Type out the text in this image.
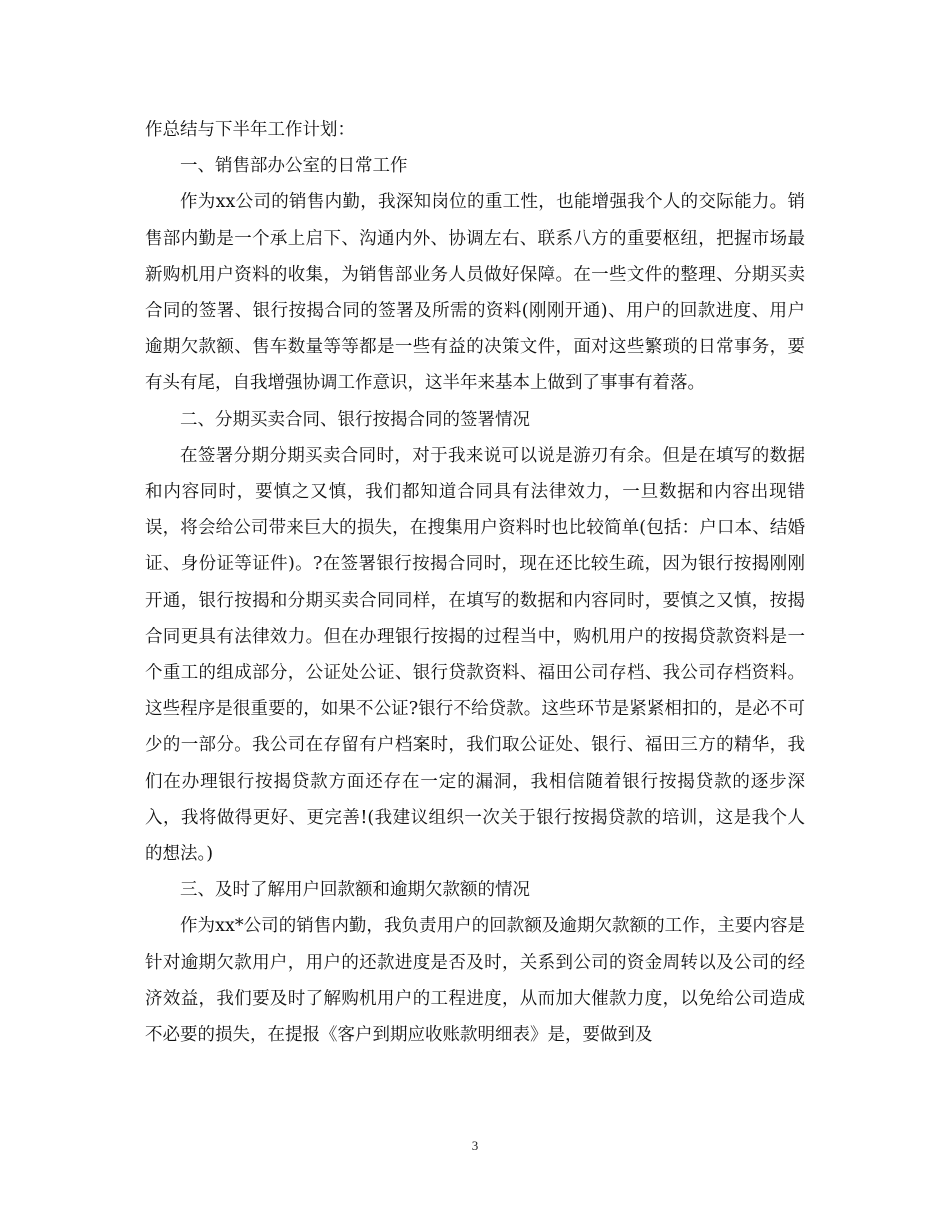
作总结与下半年工作计划：

一、销售部办公室的日常工作

作为xx公司的销售内勤，我深知岗位的重工性，也能增强我个人的交际能力。销售部内勤是一个承上启下、沟通内外、协调左右、联系八方的重要枢纽，把握市场最新购机用户资料的收集，为销售部业务人员做好保障。在一些文件的整理、分期买卖合同的签署、银行按揭合同的签署及所需的资料(刚刚开通)、用户的回款进度、用户逾期欠款额、售车数量等等都是一些有益的决策文件，面对这些繁琐的日常事务，要有头有尾，自我增强协调工作意识，这半年来基本上做到了事事有着落。

二、分期买卖合同、银行按揭合同的签署情况

在签署分期分期买卖合同时，对于我来说可以说是游刃有余。但是在填写的数据和内容同时，要慎之又慎，我们都知道合同具有法律效力，一旦数据和内容出现错误，将会给公司带来巨大的损失，在搜集用户资料时也比较简单(包括：户口本、结婚证、身份证等证件)。?在签署银行按揭合同时，现在还比较生疏，因为银行按揭刚刚开通，银行按揭和分期买卖合同同样，在填写的数据和内容同时，要慎之又慎，按揭合同更具有法律效力。但在办理银行按揭的过程当中，购机用户的按揭贷款资料是一个重工的组成部分，公证处公证、银行贷款资料、福田公司存档、我公司存档资料。这些程序是很重要的，如果不公证?银行不给贷款。这些环节是紧紧相扣的，是必不可少的一部分。我公司在存留有户档案时，我们取公证处、银行、福田三方的精华，我们在办理银行按揭贷款方面还存在一定的漏洞，我相信随着银行按揭贷款的逐步深入，我将做得更好、更完善!(我建议组织一次关于银行按揭贷款的培训，这是我个人的想法。)

三、及时了解用户回款额和逾期欠款额的情况

作为xx*公司的销售内勤，我负责用户的回款额及逾期欠款额的工作，主要内容是针对逾期欠款用户，用户的还款进度是否及时，关系到公司的资金周转以及公司的经济效益，我们要及时了解购机用户的工程进度，从而加大催款力度，以免给公司造成不必要的损失，在提报《客户到期应收账款明细表》是，要做到及

3
